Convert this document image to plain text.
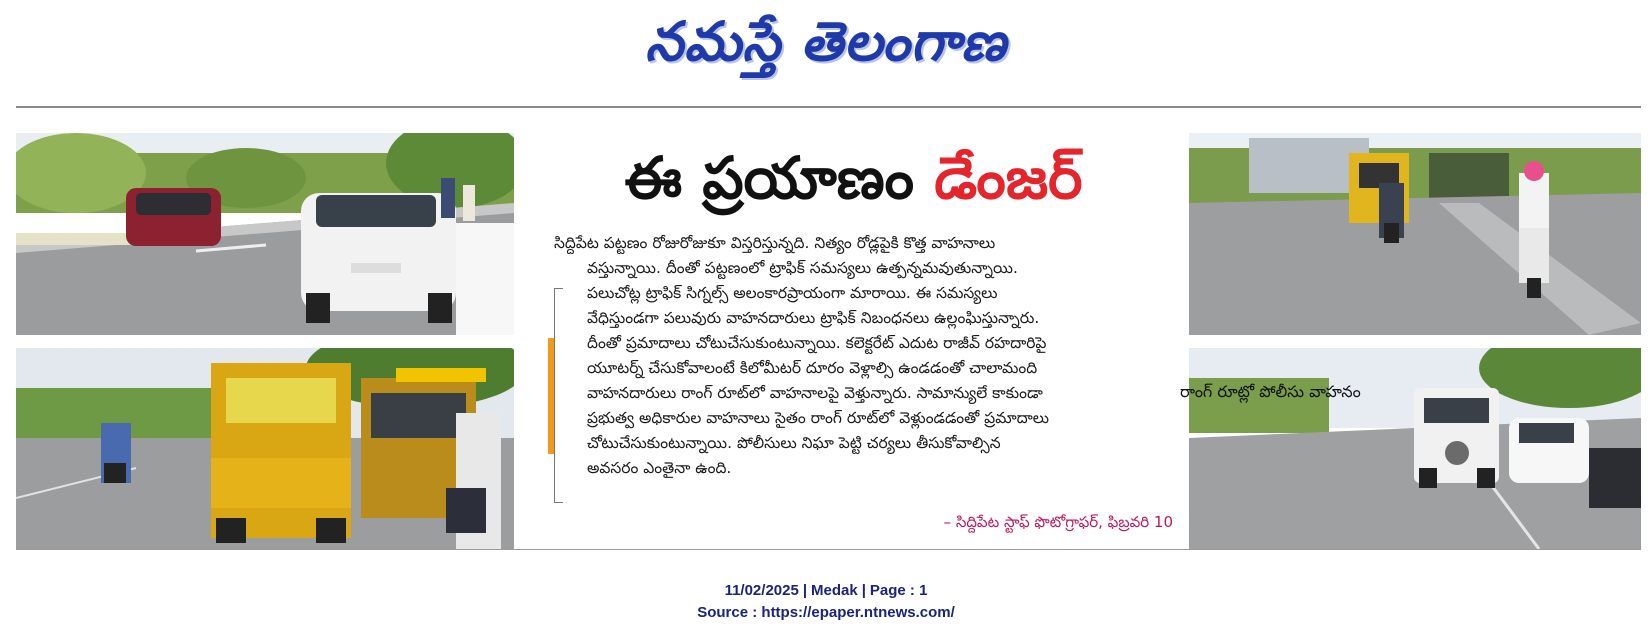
నమస్తే తెలంగాణ
ఈ ప్రయాణం డేంజర్

సిద్దిపేట పట్టణం రోజురోజుకూ విస్తరిస్తున్నది. నిత్యం రోడ్లపైకి కొత్త వాహనాలు

వస్తున్నాయి. దీంతో పట్టణంలో ట్రాఫిక్ సమస్యలు ఉత్పన్నమవుతున్నాయి.

పలుచోట్ల ట్రాఫిక్ సిగ్నల్స్ అలంకారప్రాయంగా మారాయి. ఈ సమస్యలు

వేధిస్తుండగా పలువురు వాహనదారులు ట్రాఫిక్ నిబంధనలు ఉల్లంఘిస్తున్నారు.

దీంతో ప్రమాదాలు చోటుచేసుకుంటున్నాయి. కలెక్టరేట్ ఎదుట రాజీవ్ రహదారిపై

యూటర్న్ చేసుకోవాలంటే కిలోమీటర్ దూరం వెళ్లాల్సి ఉండడంతో చాలామంది

వాహనదారులు రాంగ్ రూట్‌లో వాహనాలపై వెళ్తున్నారు. సామాన్యులే కాకుండా

ప్రభుత్వ అధికారుల వాహనాలు సైతం రాంగ్ రూట్‌లో వెళ్లుండడంతో ప్రమాదాలు

చోటుచేసుకుంటున్నాయి. పోలీసులు నిఘా పెట్టి చర్యలు తీసుకోవాల్సిన

అవసరం ఎంతైనా ఉంది.

– సిద్దిపేట స్టాఫ్ ఫొటోగ్రాఫర్, ఫిబ్రవరి 10
రాంగ్ రూట్లో పోలీసు వాహనం
11/02/2025 | Medak | Page : 1
Source : https://epaper.ntnews.com/
